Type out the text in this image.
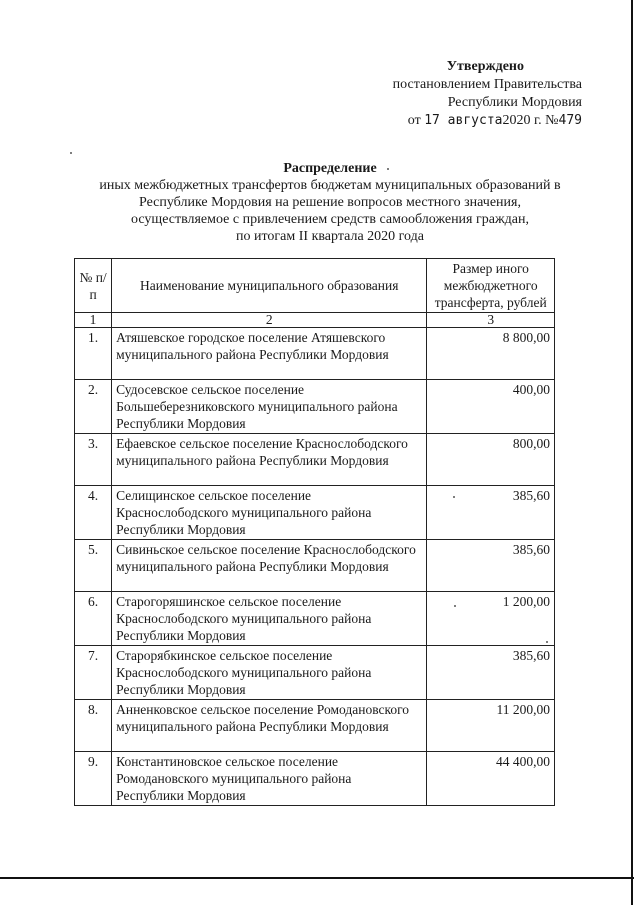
Утверждено
постановлением Правительства
Республики Мордовия
от 17 августа2020 г. №479
Распределение
иных межбюджетных трансфертов бюджетам муниципальных образований в
Республике Мордовия на решение вопросов местного значения,
осуществляемое с привлечением средств самообложения граждан,
по итогам II квартала 2020 года
№ п/п	Наименование муниципального образования	Размер иного межбюджетного трансферта, рублей
1	2	3
1.	Атяшевское городское поселение Атяшевского муниципального района Республики Мордовия	8 800,00
2.	Судосевское сельское поселение Большеберезниковского муниципального района Республики Мордовия	400,00
3.	Ефаевское сельское поселение Краснослободского муниципального района Республики Мордовия	800,00
4.	Селищинское сельское поселение Краснослободского муниципального района Республики Мордовия	385,60
5.	Сивиньское сельское поселение Краснослободского муниципального района Республики Мордовия	385,60
6.	Старогоряшинское сельское поселение Краснослободского муниципального района Республики Мордовия	1 200,00
7.	Старорябкинское сельское поселение Краснослободского муниципального района Республики Мордовия	385,60
8.	Анненковское сельское поселение Ромодановского муниципального района Республики Мордовия	11 200,00
9.	Константиновское сельское поселение Ромодановского муниципального района Республики Мордовия	44 400,00
